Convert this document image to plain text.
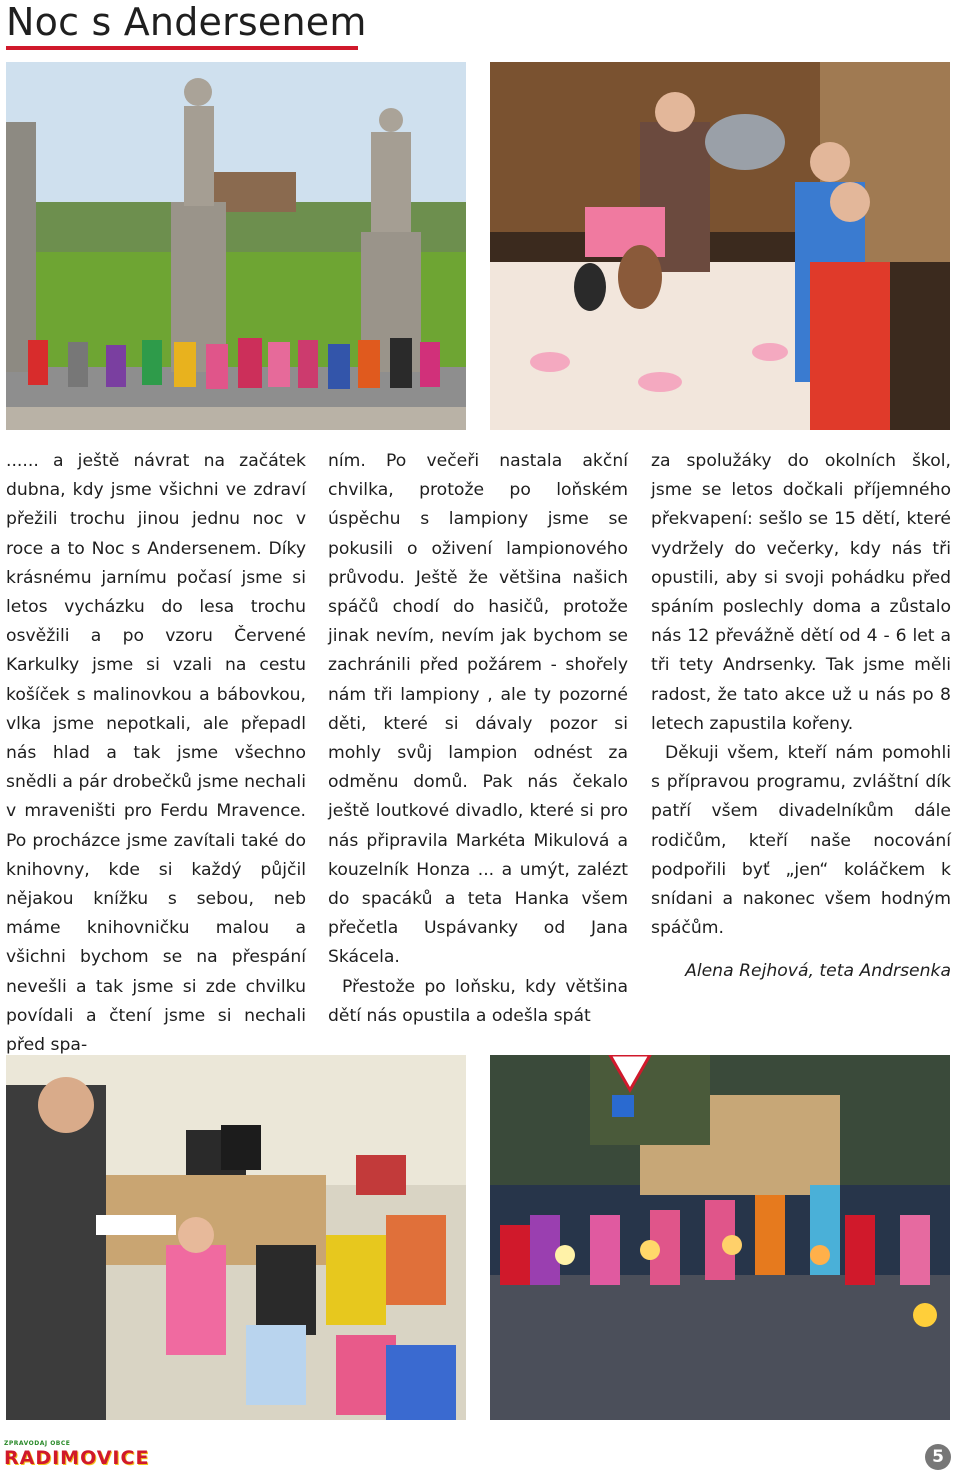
Noc s Andersenem

...... a ještě návrat na začátek dubna, kdy jsme všichni ve zdraví přežili trochu jinou jednu noc v roce a to Noc s Andersenem. Díky krásnému jarnímu počasí jsme si letos vycházku do lesa trochu osvěžili a po vzoru Červené Karkulky jsme si vzali na cestu košíček s malinovkou a bábovkou, vlka jsme nepotkali, ale přepadl nás hlad a tak jsme všechno snědli a pár drobečků jsme nechali v mraveništi pro Ferdu Mravence. Po procházce jsme zavítali také do knihovny, kde si každý půjčil nějakou knížku s sebou, neb máme knihovničku malou a všichni bychom se na přespání nevešli a tak jsme si zde chvilku povídali a čtení jsme si nechali před spa-

ním. Po večeři nastala akční chvilka, protože po loňském úspěchu s lampiony jsme se pokusili o oživení lampionového průvodu. Ještě že většina našich spáčů chodí do hasičů, protože jinak nevím, nevím jak bychom se zachránili před požárem - shořely nám tři lampiony , ale ty pozorné děti, které si dávaly pozor si mohly svůj lampion odnést za odměnu domů. Pak nás čekalo ještě loutkové divadlo, které si pro nás připravila Markéta Mikulová a kouzelník Honza ... a umýt, zalézt do spacáků a teta Hanka všem přečetla Uspávanky od Jana Skácela.

Přestože po loňsku, kdy většina dětí nás opustila a odešla spát

za spolužáky do okolních škol, jsme se letos dočkali příjemného překvapení: sešlo se 15 dětí, které vydržely do večerky, kdy nás tři opustili, aby si svoji pohádku před spáním poslechly doma a zůstalo nás 12 převážně dětí od 4 - 6 let a tři tety Andrsenky. Tak jsme měli radost, že tato akce už u nás po 8 letech zapustila kořeny.

Děkuji všem, kteří nám pomohli s přípravou programu, zvláštní dík patří všem divadelníkům dále rodičům, kteří naše nocování podpořili byť „jen“ koláčkem k snídani a nakonec všem hodným spáčům.

Alena Rejhová, teta Andrsenka

ZPRAVODAJ OBCE
RADIMOVICE	5
